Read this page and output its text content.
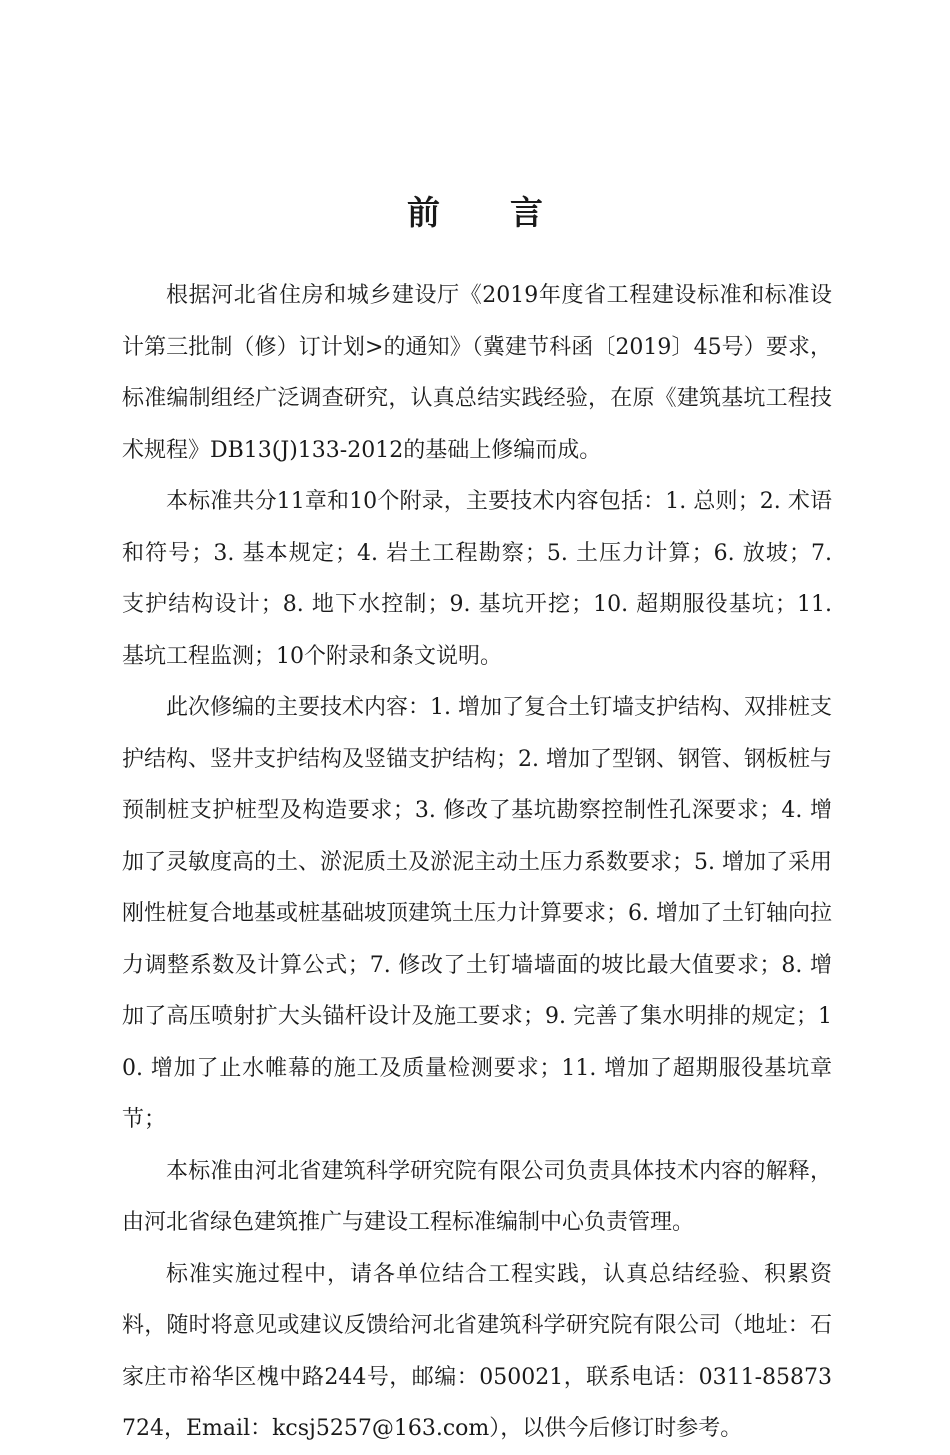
前言

根据河北省住房和城乡建设厅《2019年度省工程建设标准和标准设计第三批制（修）订计划>的通知》（冀建节科函〔2019〕45号）要求，标准编制组经广泛调查研究，认真总结实践经验，在原《建筑基坑工程技术规程》DB13(J)133-2012的基础上修编而成。

本标准共分11章和10个附录，主要技术内容包括：1. 总则；2. 术语和符号；3. 基本规定；4. 岩土工程勘察；5. 土压力计算；6. 放坡；7. 支护结构设计；8. 地下水控制；9. 基坑开挖；10. 超期服役基坑；11. 基坑工程监测；10个附录和条文说明。

此次修编的主要技术内容：1. 增加了复合土钉墙支护结构、双排桩支护结构、竖井支护结构及竖锚支护结构；2. 增加了型钢、钢管、钢板桩与预制桩支护桩型及构造要求；3. 修改了基坑勘察控制性孔深要求；4. 增加了灵敏度高的土、淤泥质土及淤泥主动土压力系数要求；5. 增加了采用刚性桩复合地基或桩基础坡顶建筑土压力计算要求；6. 增加了土钉轴向拉力调整系数及计算公式；7. 修改了土钉墙墙面的坡比最大值要求；8. 增加了高压喷射扩大头锚杆设计及施工要求；9. 完善了集水明排的规定；10. 增加了止水帷幕的施工及质量检测要求；11. 增加了超期服役基坑章节；

本标准由河北省建筑科学研究院有限公司负责具体技术内容的解释，由河北省绿色建筑推广与建设工程标准编制中心负责管理。

标准实施过程中，请各单位结合工程实践，认真总结经验、积累资料，随时将意见或建议反馈给河北省建筑科学研究院有限公司（地址：石家庄市裕华区槐中路244号，邮编：050021，联系电话：0311-85873724，Email：kcsj5257@163.com），以供今后修订时参考。
